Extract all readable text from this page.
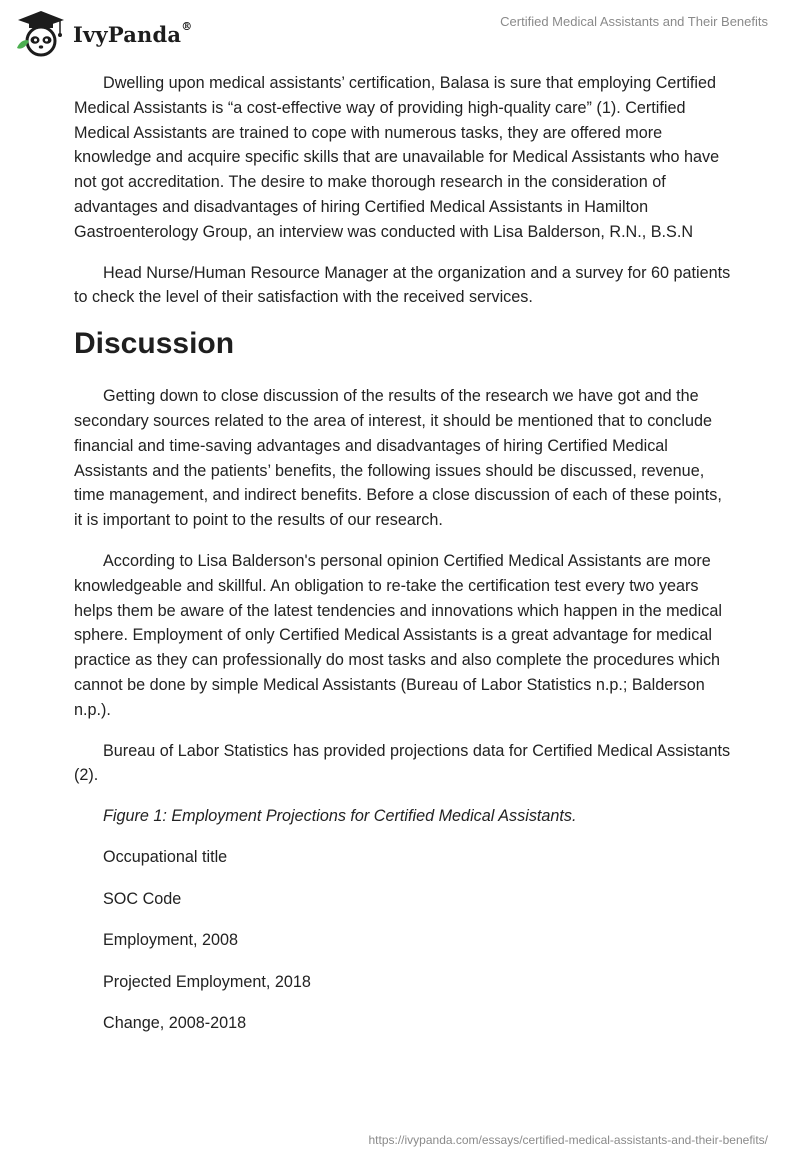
IvyPanda®	Certified Medical Assistants and Their Benefits

Dwelling upon medical assistants’ certification, Balasa is sure that employing Certified Medical Assistants is “a cost-effective way of providing high-quality care” (1). Certified Medical Assistants are trained to cope with numerous tasks, they are offered more knowledge and acquire specific skills that are unavailable for Medical Assistants who have not got accreditation. The desire to make thorough research in the consideration of advantages and disadvantages of hiring Certified Medical Assistants in Hamilton Gastroenterology Group, an interview was conducted with Lisa Balderson, R.N., B.S.N

Head Nurse/Human Resource Manager at the organization and a survey for 60 patients to check the level of their satisfaction with the received services.

Discussion

Getting down to close discussion of the results of the research we have got and the secondary sources related to the area of interest, it should be mentioned that to conclude financial and time-saving advantages and disadvantages of hiring Certified Medical Assistants and the patients’ benefits, the following issues should be discussed, revenue, time management, and indirect benefits. Before a close discussion of each of these points, it is important to point to the results of our research.

According to Lisa Balderson's personal opinion Certified Medical Assistants are more knowledgeable and skillful. An obligation to re-take the certification test every two years helps them be aware of the latest tendencies and innovations which happen in the medical sphere. Employment of only Certified Medical Assistants is a great advantage for medical practice as they can professionally do most tasks and also complete the procedures which cannot be done by simple Medical Assistants (Bureau of Labor Statistics n.p.; Balderson n.p.).

Bureau of Labor Statistics has provided projections data for Certified Medical Assistants (2).

Figure 1: Employment Projections for Certified Medical Assistants.
Occupational title
SOC Code
Employment, 2008
Projected Employment, 2018
Change, 2008-2018
https://ivypanda.com/essays/certified-medical-assistants-and-their-benefits/
